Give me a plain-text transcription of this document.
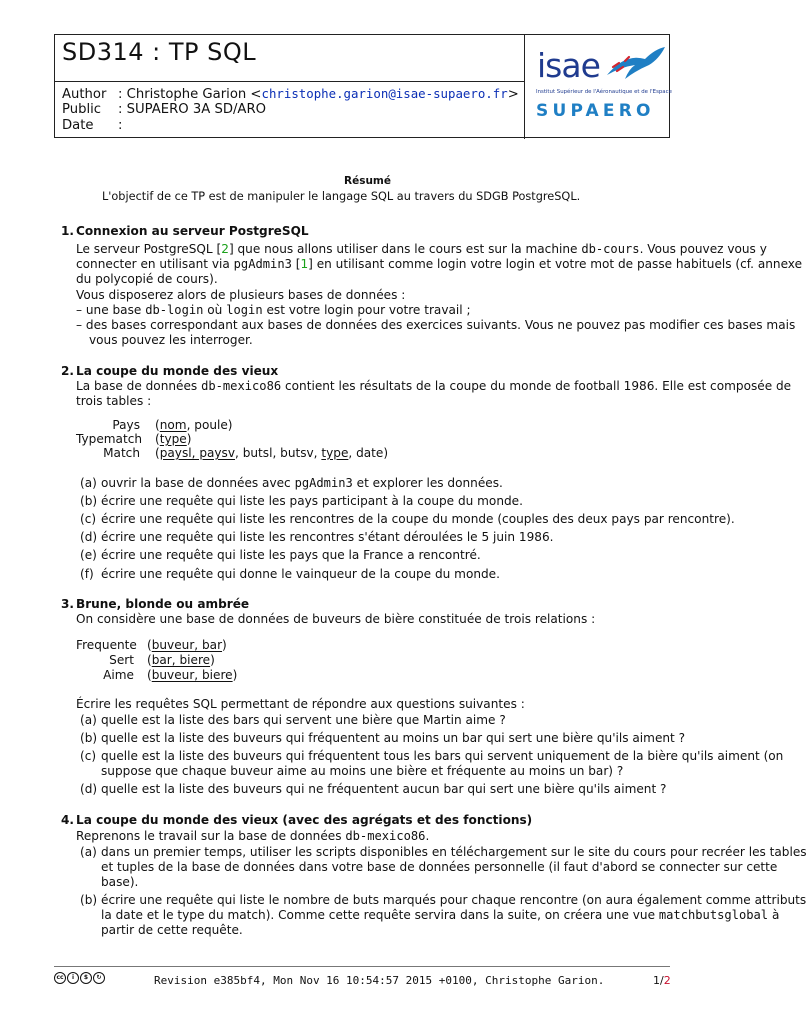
SD314 : TP SQL
Author : Christophe Garion <christophe.garion@isae-supaero.fr>
Public : SUPAERO 3A SD/ARO
Date :
isae
Institut Supérieur de l'Aéronautique et de l'Espace
SUPAERO
Résumé
L'objectif de ce TP est de manipuler le langage SQL au travers du SDGB PostgreSQL.
1. Connexion au serveur PostgreSQL
Le serveur PostgreSQL [2] que nous allons utiliser dans le cours est sur la machine db-cours. Vous pouvez vous y
connecter en utilisant via pgAdmin3 [1] en utilisant comme login votre login et votre mot de passe habituels (cf. annexe
du polycopié de cours).
Vous disposerez alors de plusieurs bases de données :
– une base db-login où login est votre login pour votre travail ;
– des bases correspondant aux bases de données des exercices suivants. Vous ne pouvez pas modifier ces bases mais
vous pouvez les interroger.
2. La coupe du monde des vieux
La base de données db-mexico86 contient les résultats de la coupe du monde de football 1986. Elle est composée de
trois tables :
Pays (nom, poule)
Typematch (type)
Match (paysl, paysv, butsl, butsv, type, date)
(a) ouvrir la base de données avec pgAdmin3 et explorer les données.
(b) écrire une requête qui liste les pays participant à la coupe du monde.
(c) écrire une requête qui liste les rencontres de la coupe du monde (couples des deux pays par rencontre).
(d) écrire une requête qui liste les rencontres s'étant déroulées le 5 juin 1986.
(e) écrire une requête qui liste les pays que la France a rencontré.
(f) écrire une requête qui donne le vainqueur de la coupe du monde.
3. Brune, blonde ou ambrée
On considère une base de données de buveurs de bière constituée de trois relations :
Frequente (buveur, bar)
Sert (bar, biere)
Aime (buveur, biere)
Écrire les requêtes SQL permettant de répondre aux questions suivantes :
(a) quelle est la liste des bars qui servent une bière que Martin aime ?
(b) quelle est la liste des buveurs qui fréquentent au moins un bar qui sert une bière qu'ils aiment ?
(c) quelle est la liste des buveurs qui fréquentent tous les bars qui servent uniquement de la bière qu'ils aiment (on
suppose que chaque buveur aime au moins une bière et fréquente au moins un bar) ?
(d) quelle est la liste des buveurs qui ne fréquentent aucun bar qui sert une bière qu'ils aiment ?
4. La coupe du monde des vieux (avec des agrégats et des fonctions)
Reprenons le travail sur la base de données db-mexico86.
(a) dans un premier temps, utiliser les scripts disponibles en téléchargement sur le site du cours pour recréer les tables
et tuples de la base de données dans votre base de données personnelle (il faut d'abord se connecter sur cette
base).
(b) écrire une requête qui liste le nombre de buts marqués pour chaque rencontre (on aura également comme attributs
la date et le type du match). Comme cette requête servira dans la suite, on créera une vue matchbutsglobal à
partir de cette requête.
cc	i	$	↻	Revision e385bf4, Mon Nov 16 10:54:57 2015 +0100, Christophe Garion.	1/2
